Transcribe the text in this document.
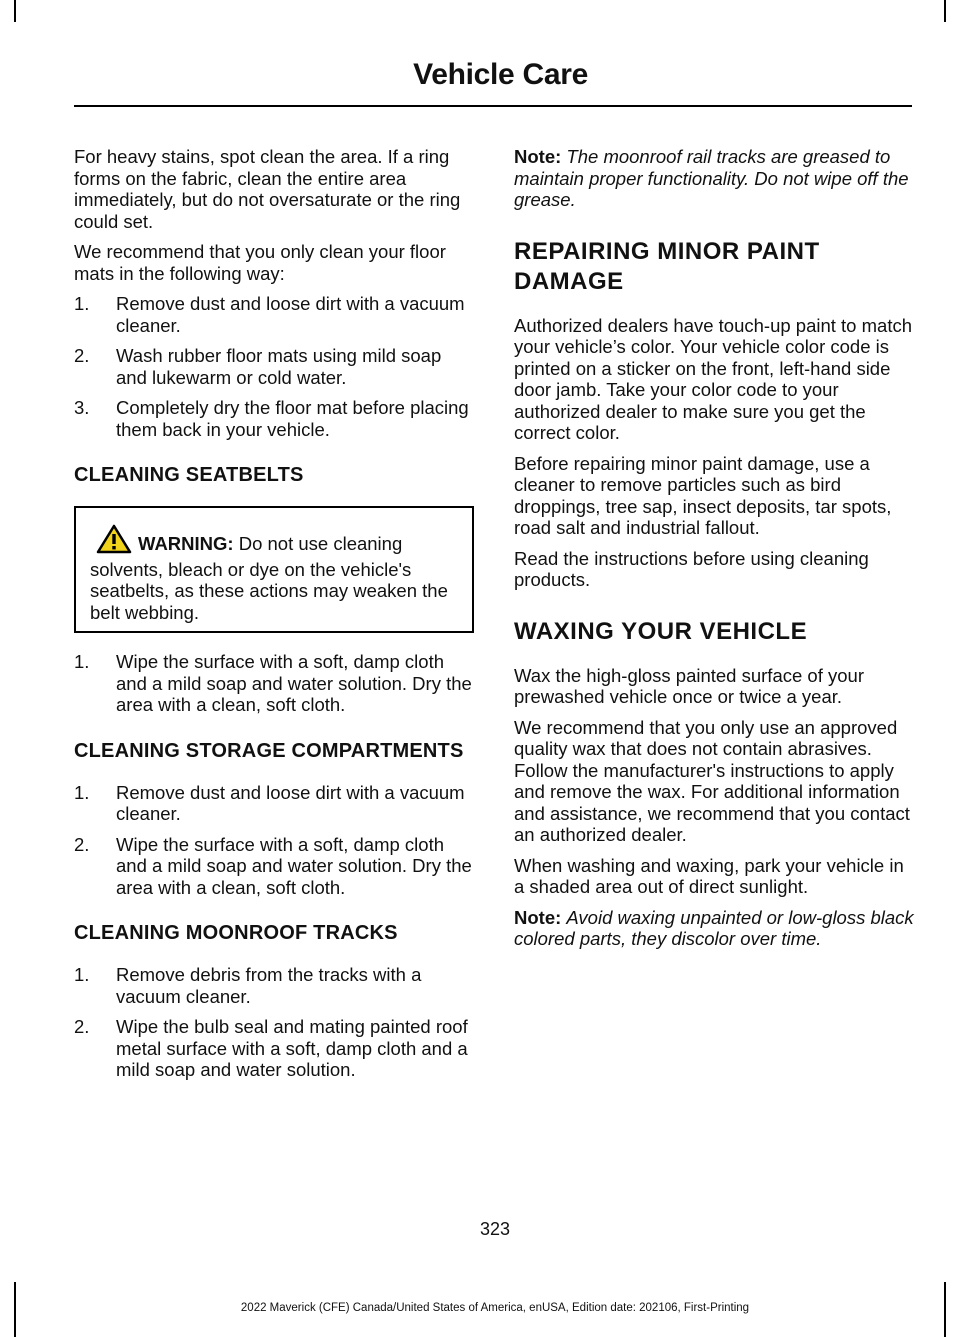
Vehicle Care

For heavy stains, spot clean the area. If a ring forms on the fabric, clean the entire area immediately, but do not oversaturate or the ring could set.

We recommend that you only clean your floor mats in the following way:

1. Remove dust and loose dirt with a vacuum cleaner.
2. Wash rubber floor mats using mild soap and lukewarm or cold water.
3. Completely dry the floor mat before placing them back in your vehicle.
CLEANING SEATBELTS
WARNING: Do not use cleaning solvents, bleach or dye on the vehicle's seatbelts, as these actions may weaken the belt webbing.
1. Wipe the surface with a soft, damp cloth and a mild soap and water solution. Dry the area with a clean, soft cloth.
CLEANING STORAGE COMPARTMENTS
1. Remove dust and loose dirt with a vacuum cleaner.
2. Wipe the surface with a soft, damp cloth and a mild soap and water solution. Dry the area with a clean, soft cloth.
CLEANING MOONROOF TRACKS
1. Remove debris from the tracks with a vacuum cleaner.
2. Wipe the bulb seal and mating painted roof metal surface with a soft, damp cloth and a mild soap and water solution.

Note: The moonroof rail tracks are greased to maintain proper functionality. Do not wipe off the grease.

REPAIRING MINOR PAINT DAMAGE

Authorized dealers have touch-up paint to match your vehicle’s color. Your vehicle color code is printed on a sticker on the front, left-hand side door jamb. Take your color code to your authorized dealer to make sure you get the correct color.

Before repairing minor paint damage, use a cleaner to remove particles such as bird droppings, tree sap, insect deposits, tar spots, road salt and industrial fallout.

Read the instructions before using cleaning products.

WAXING YOUR VEHICLE

Wax the high-gloss painted surface of your prewashed vehicle once or twice a year.

We recommend that you only use an approved quality wax that does not contain abrasives. Follow the manufacturer's instructions to apply and remove the wax. For additional information and assistance, we recommend that you contact an authorized dealer.

When washing and waxing, park your vehicle in a shaded area out of direct sunlight.

Note: Avoid waxing unpainted or low-gloss black colored parts, they discolor over time.

323
2022 Maverick (CFE) Canada/United States of America, enUSA, Edition date: 202106, First-Printing
